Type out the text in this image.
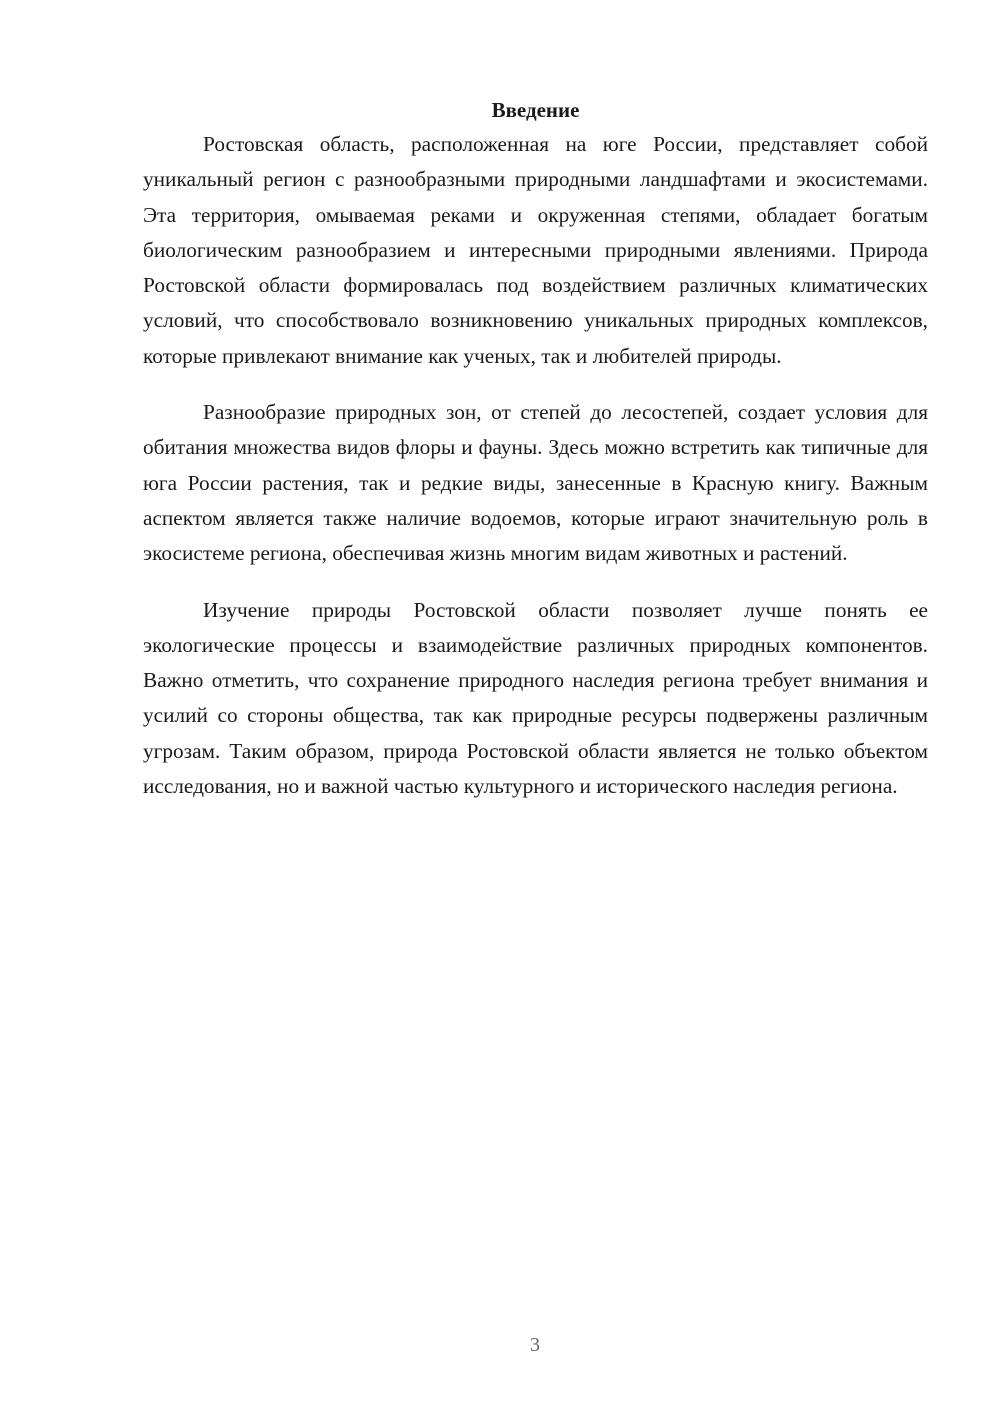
Введение

Ростовская область, расположенная на юге России, представляет собой уникальный регион с разнообразными природными ландшафтами и экосистемами. Эта территория, омываемая реками и окруженная степями, обладает богатым биологическим разнообразием и интересными природными явлениями. Природа Ростовской области формировалась под воздействием различных климатических условий, что способствовало возникновению уникальных природных комплексов, которые привлекают внимание как ученых, так и любителей природы.

Разнообразие природных зон, от степей до лесостепей, создает условия для обитания множества видов флоры и фауны. Здесь можно встретить как типичные для юга России растения, так и редкие виды, занесенные в Красную книгу. Важным аспектом является также наличие водоемов, которые играют значительную роль в экосистеме региона, обеспечивая жизнь многим видам животных и растений.

Изучение природы Ростовской области позволяет лучше понять ее экологические процессы и взаимодействие различных природных компонентов. Важно отметить, что сохранение природного наследия региона требует внимания и усилий со стороны общества, так как природные ресурсы подвержены различным угрозам. Таким образом, природа Ростовской области является не только объектом исследования, но и важной частью культурного и исторического наследия региона.

3
